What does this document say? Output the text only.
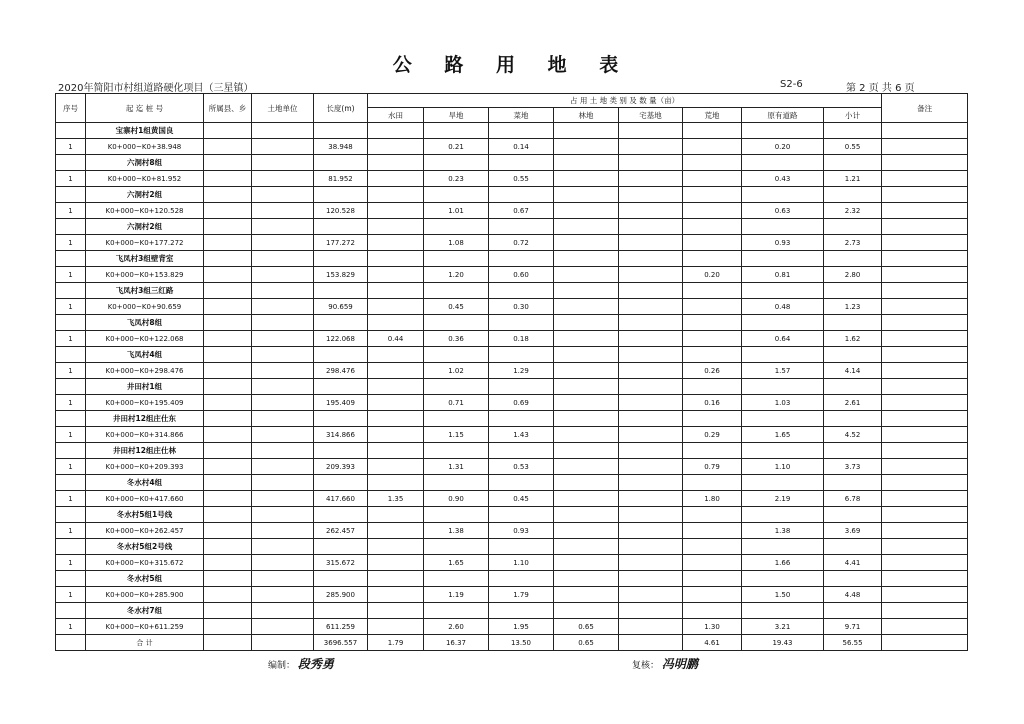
公 路 用 地 表
2020年简阳市村组道路硬化项目（三星镇）	S2-6	第 2 页 共 6 页
序号	起 迄 桩 号	所属县、乡	土地单位	长度(m)	占 用 土 地 类 别 及 数 量（亩）								备注
					水田	旱地	菜地	林地	宅基地	荒地	原有道路	小计	
	宝寨村1组黄国良												
1	K0+000~K0+38.948			38.948		0.21	0.14				0.20	0.55	
	六洞村8组												
1	K0+000~K0+81.952			81.952		0.23	0.55				0.43	1.21	
	六洞村2组												
1	K0+000~K0+120.528			120.528		1.01	0.67				0.63	2.32	
	六洞村2组												
1	K0+000~K0+177.272			177.272		1.08	0.72				0.93	2.73	
	飞凤村3组壁背室												
1	K0+000~K0+153.829			153.829		1.20	0.60			0.20	0.81	2.80	
	飞凤村3组三红路												
1	K0+000~K0+90.659			90.659		0.45	0.30				0.48	1.23	
	飞凤村8组												
1	K0+000~K0+122.068			122.068	0.44	0.36	0.18				0.64	1.62	
	飞凤村4组												
1	K0+000~K0+298.476			298.476		1.02	1.29			0.26	1.57	4.14	
	井田村1组												
1	K0+000~K0+195.409			195.409		0.71	0.69			0.16	1.03	2.61	
	井田村12组庄仕东												
1	K0+000~K0+314.866			314.866		1.15	1.43			0.29	1.65	4.52	
	井田村12组庄仕林												
1	K0+000~K0+209.393			209.393		1.31	0.53			0.79	1.10	3.73	
	冬水村4组												
1	K0+000~K0+417.660			417.660	1.35	0.90	0.45			1.80	2.19	6.78	
	冬水村5组1号线												
1	K0+000~K0+262.457			262.457		1.38	0.93				1.38	3.69	
	冬水村5组2号线												
1	K0+000~K0+315.672			315.672		1.65	1.10				1.66	4.41	
	冬水村5组												
1	K0+000~K0+285.900			285.900		1.19	1.79				1.50	4.48	
	冬水村7组												
1	K0+000~K0+611.259			611.259		2.60	1.95	0.65		1.30	3.21	9.71	
	合 计			3696.557	1.79	16.37	13.50	0.65		4.61	19.43	56.55	
编制： 段秀勇	复核： 冯明鹏
